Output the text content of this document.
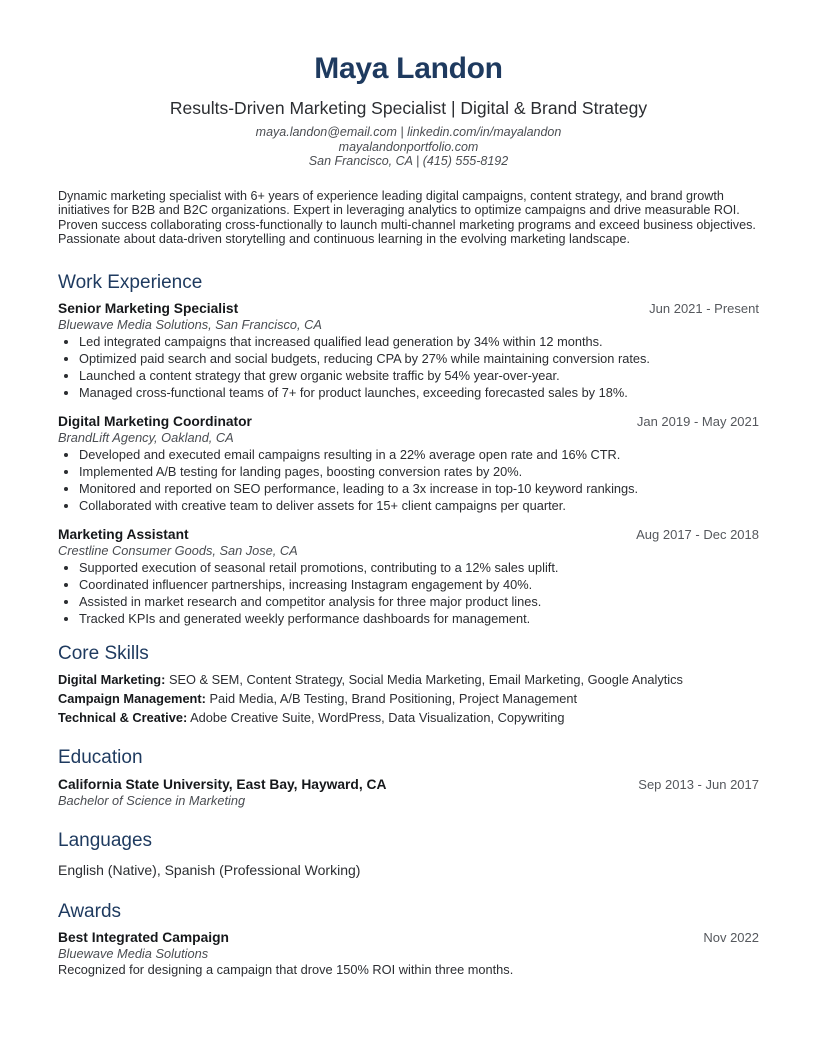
Maya Landon
Results-Driven Marketing Specialist | Digital & Brand Strategy
maya.landon@email.com | linkedin.com/in/mayalandon
mayalandonportfolio.com
San Francisco, CA | (415) 555-8192
Dynamic marketing specialist with 6+ years of experience leading digital campaigns, content strategy, and brand growth initiatives for B2B and B2C organizations. Expert in leveraging analytics to optimize campaigns and drive measurable ROI. Proven success collaborating cross-functionally to launch multi-channel marketing programs and exceed business objectives. Passionate about data-driven storytelling and continuous learning in the evolving marketing landscape.
Work Experience
Senior Marketing Specialist	Jun 2021 - Present
Bluewave Media Solutions, San Francisco, CA
• Led integrated campaigns that increased qualified lead generation by 34% within 12 months.
• Optimized paid search and social budgets, reducing CPA by 27% while maintaining conversion rates.
• Launched a content strategy that grew organic website traffic by 54% year-over-year.
• Managed cross-functional teams of 7+ for product launches, exceeding forecasted sales by 18%.
Digital Marketing Coordinator	Jan 2019 - May 2021
BrandLift Agency, Oakland, CA
• Developed and executed email campaigns resulting in a 22% average open rate and 16% CTR.
• Implemented A/B testing for landing pages, boosting conversion rates by 20%.
• Monitored and reported on SEO performance, leading to a 3x increase in top-10 keyword rankings.
• Collaborated with creative team to deliver assets for 15+ client campaigns per quarter.
Marketing Assistant	Aug 2017 - Dec 2018
Crestline Consumer Goods, San Jose, CA
• Supported execution of seasonal retail promotions, contributing to a 12% sales uplift.
• Coordinated influencer partnerships, increasing Instagram engagement by 40%.
• Assisted in market research and competitor analysis for three major product lines.
• Tracked KPIs and generated weekly performance dashboards for management.
Core Skills
Digital Marketing: SEO & SEM, Content Strategy, Social Media Marketing, Email Marketing, Google Analytics
Campaign Management: Paid Media, A/B Testing, Brand Positioning, Project Management
Technical & Creative: Adobe Creative Suite, WordPress, Data Visualization, Copywriting
Education
California State University, East Bay, Hayward, CA	Sep 2013 - Jun 2017
Bachelor of Science in Marketing
Languages
English (Native), Spanish (Professional Working)
Awards
Best Integrated Campaign	Nov 2022
Bluewave Media Solutions
Recognized for designing a campaign that drove 150% ROI within three months.
